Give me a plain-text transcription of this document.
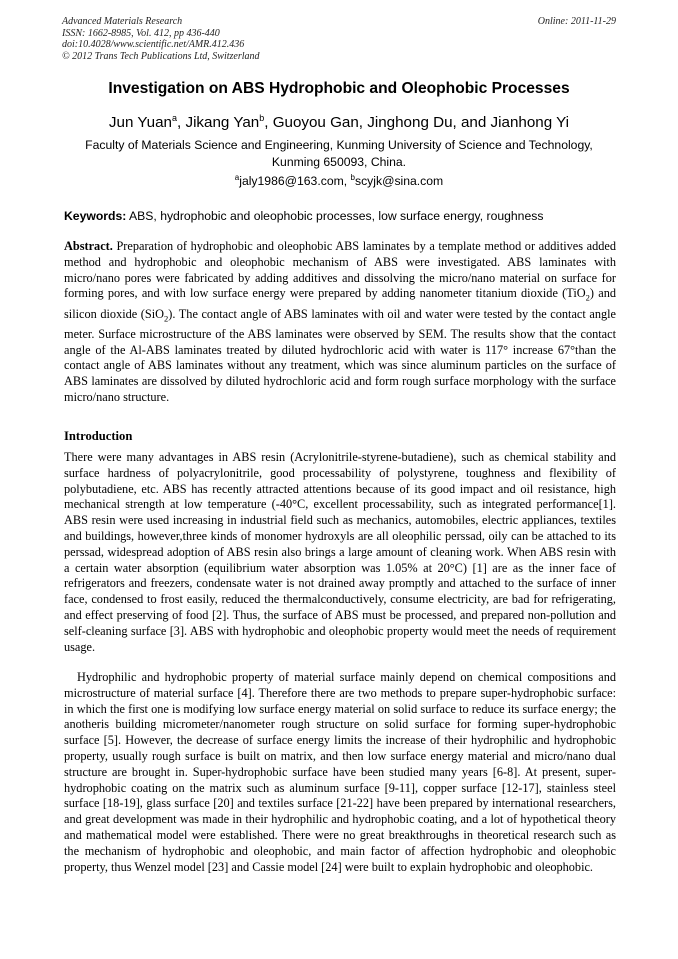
Advanced Materials Research
ISSN: 1662-8985, Vol. 412, pp 436-440
doi:10.4028/www.scientific.net/AMR.412.436
© 2012 Trans Tech Publications Ltd, Switzerland
Online: 2011-11-29
Investigation on ABS Hydrophobic and Oleophobic Processes
Jun Yuan$^a$, Jikang Yan$^b$, Guoyou Gan, Jinghong Du, and Jianhong Yi
Faculty of Materials Science and Engineering, Kunming University of Science and Technology,
Kunming 650093, China.
$^a$jaly1986@163.com, $^b$scyjk@sina.com
Keywords: ABS, hydrophobic and oleophobic processes, low surface energy, roughness
Abstract. Preparation of hydrophobic and oleophobic ABS laminates by a template method or additives added method and hydrophobic and oleophobic mechanism of ABS were investigated. ABS laminates with micro/nano pores were fabricated by adding additives and dissolving the micro/nano material on surface for forming pores, and with low surface energy were prepared by adding nanometer titanium dioxide (TiO$_2$) and silicon dioxide (SiO$_2$). The contact angle of ABS laminates with oil and water were tested by the contact angle meter. Surface microstructure of the ABS laminates were observed by SEM. The results show that the contact angle of the Al-ABS laminates treated by diluted hydrochloric acid with water is 117° increase 67°than the contact angle of ABS laminates without any treatment, which was since aluminum particles on the surface of ABS laminates are dissolved by diluted hydrochloric acid and form rough surface morphology with the surface micro/nano structure.
Introduction
There were many advantages in ABS resin (Acrylonitrile-styrene-butadiene), such as chemical stability and surface hardness of polyacrylonitrile, good processability of polystyrene, toughness and flexibility of polybutadiene, etc. ABS has recently attracted attentions because of its good impact and oil resistance, high mechanical strength at low temperature (-40°C, excellent processability, such as integrated performance[1]. ABS resin were used increasing in industrial field such as mechanics, automobiles, electric appliances, textiles and buildings, however,three kinds of monomer hydroxyls are all oleophilic perssad, oily can be attached to its perssad, widespread adoption of ABS resin also brings a large amount of cleaning work. When ABS resin with a certain water absorption (equilibrium water absorption was 1.05% at 20°C) [1] are as the inner face of refrigerators and freezers, condensate water is not drained away promptly and attached to the surface of inner face, condensed to frost easily, reduced the thermalconductively, consume electricity, are bad for refrigerating, and effect preserving of food [2]. Thus, the surface of ABS must be processed, and prepared non-pollution and self-cleaning surface [3]. ABS with hydrophobic and oleophobic property would meet the needs of requirement usage.
Hydrophilic and hydrophobic property of material surface mainly depend on chemical compositions and microstructure of material surface [4]. Therefore there are two methods to prepare super-hydrophobic surface: in which the first one is modifying low surface energy material on solid surface to reduce its surface energy; the anotheris building micrometer/nanometer rough structure on solid surface for forming super-hydrophobic surface [5]. However, the decrease of surface energy limits the increase of their hydrophilic and hydrophobic property, usually rough surface is built on matrix, and then low surface energy material and micro/nano dual structure are brought in. Super-hydrophobic surface have been studied many years [6-8]. At present, super-hydrophobic coating on the matrix such as aluminum surface [9-11], copper surface [12-17], stainless steel surface [18-19], glass surface [20] and textiles surface [21-22] have been prepared by international researchers, and great development was made in their hydrophilic and hydrophobic coating, and a lot of hypothetical theory and mathematical model were established. There were no great breakthroughs in theoretical research such as the mechanism of hydrophobic and oleophobic, and main factor of affection hydrophobic and oleophobic property, thus Wenzel model [23] and Cassie model [24] were built to explain hydrophobic and oleophobic.
